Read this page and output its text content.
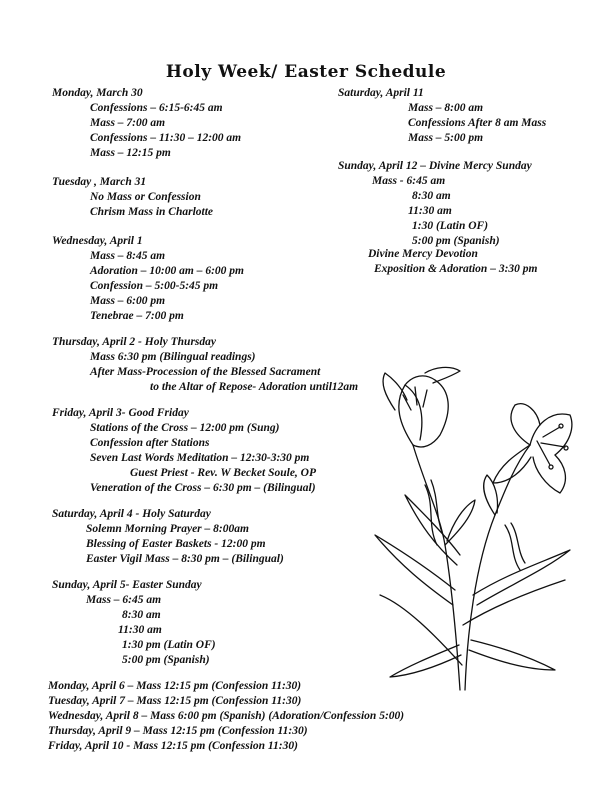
Holy Week/ Easter Schedule
Monday, March 30
Confessions – 6:15-6:45 am
Mass – 7:00 am
Confessions – 11:30 – 12:00 am
Mass – 12:15 pm
Tuesday , March 31
No Mass or Confession
Chrism Mass in Charlotte
Wednesday, April 1
Mass – 8:45 am
Adoration – 10:00 am – 6:00 pm
Confession – 5:00-5:45 pm
Mass – 6:00 pm
Tenebrae – 7:00 pm
Thursday, April 2 - Holy Thursday
Mass 6:30 pm (Bilingual readings)
After Mass-Procession of the Blessed Sacrament
to the Altar of Repose- Adoration until12am
Friday, April 3- Good Friday
Stations of the Cross – 12:00 pm (Sung)
Confession after Stations
Seven Last Words Meditation – 12:30-3:30 pm
Guest Priest - Rev. W Becket Soule, OP
Veneration of the Cross – 6:30 pm – (Bilingual)
Saturday, April 4 - Holy Saturday
Solemn Morning Prayer – 8:00am
Blessing of Easter Baskets - 12:00 pm
Easter Vigil Mass – 8:30 pm – (Bilingual)
Sunday, April 5- Easter Sunday
Mass – 6:45 am
8:30 am
11:30 am
1:30 pm (Latin OF)
5:00 pm (Spanish)
Saturday, April 11
Mass – 8:00 am
Confessions After 8 am Mass
Mass – 5:00 pm
Sunday, April 12 – Divine Mercy Sunday
Mass - 6:45 am
8:30 am
11:30 am
1:30 (Latin OF)
5:00 pm (Spanish)
Divine Mercy Devotion
Exposition & Adoration – 3:30 pm
Monday, April 6 – Mass 12:15 pm (Confession 11:30)
Tuesday, April 7 – Mass 12:15 pm (Confession 11:30)
Wednesday, April 8 – Mass 6:00 pm (Spanish) (Adoration/Confession 5:00)
Thursday, April 9 – Mass 12:15 pm (Confession 11:30)
Friday, April 10 - Mass 12:15 pm (Confession 11:30)
